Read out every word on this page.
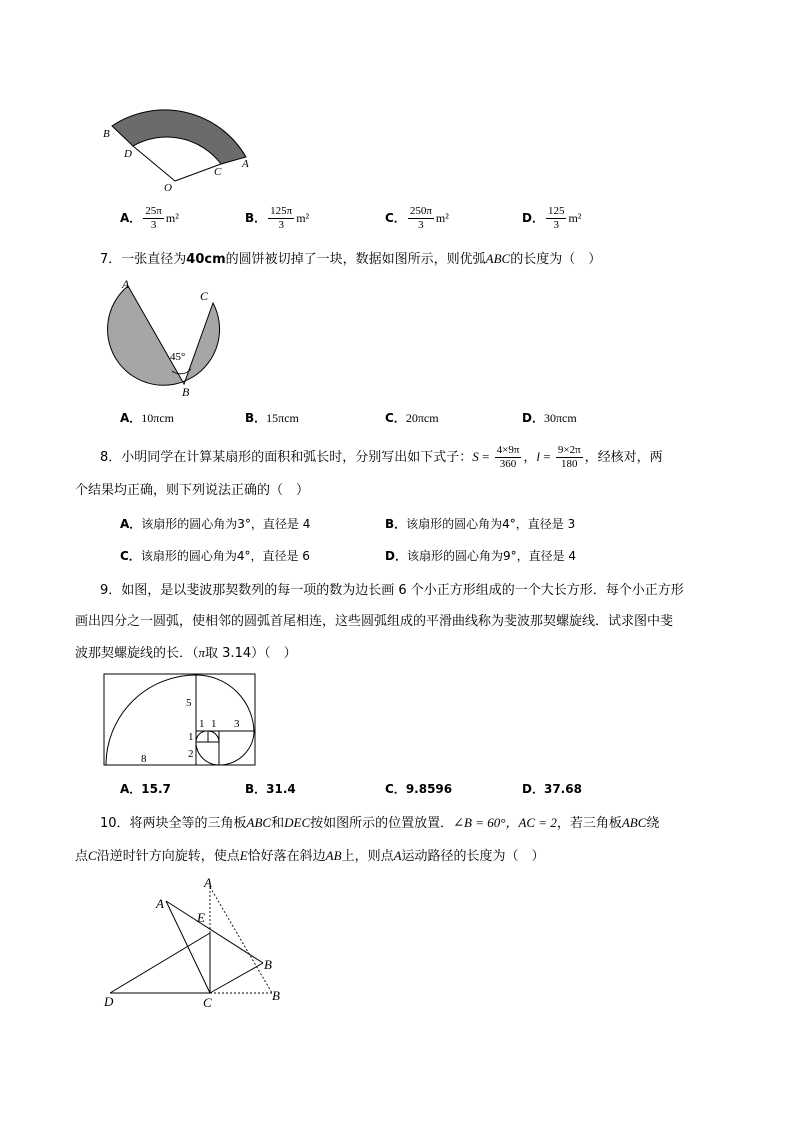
B
D
O
C
A
A． $\frac{25\pi}{3} m^2$	B． $\frac{125\pi}{3} m^2$	C． $\frac{250\pi}{3} m^2$	D． $\frac{125}{3} m^2$
7．一张直径为40cm的圆饼被切掉了一块，数据如图所示，则优弧ABC的长度为（　）
A
C
B
45°
A．10πcm	B．15πcm	C．20πcm	D．30πcm
8．小明同学在计算某扇形的面积和弧长时，分别写出如下式子：$S = \frac{4\times 9\pi}{360}$ ，$l = \frac{9\times 2\pi}{180}$ ，经核对，两
个结果均正确，则下列说法正确的（　）
A．该扇形的圆心角为3°，直径是 4	B．该扇形的圆心角为4°，直径是 3
C．该扇形的圆心角为4°，直径是 6	D．该扇形的圆心角为9°，直径是 4
9．如图，是以斐波那契数列的每一项的数为边长画 6 个小正方形组成的一个大长方形．每个小正方形
画出四分之一圆弧，使相邻的圆弧首尾相连，这些圆弧组成的平滑曲线称为斐波那契螺旋线．试求图中斐
波那契螺旋线的长．（π取 3.14）（　）
5
1 1 3
1
2
8
A．15.7	B．31.4	C．9.8596	D．37.68
10．将两块全等的三角板ABC和DEC按如图所示的位置放置．∠B = 60°，AC = 2，若三角板ABC绕
点C沿逆时针方向旋转，使点E恰好落在斜边AB上，则点A运动路径的长度为（　）
A
A
E
B
B
D	C
